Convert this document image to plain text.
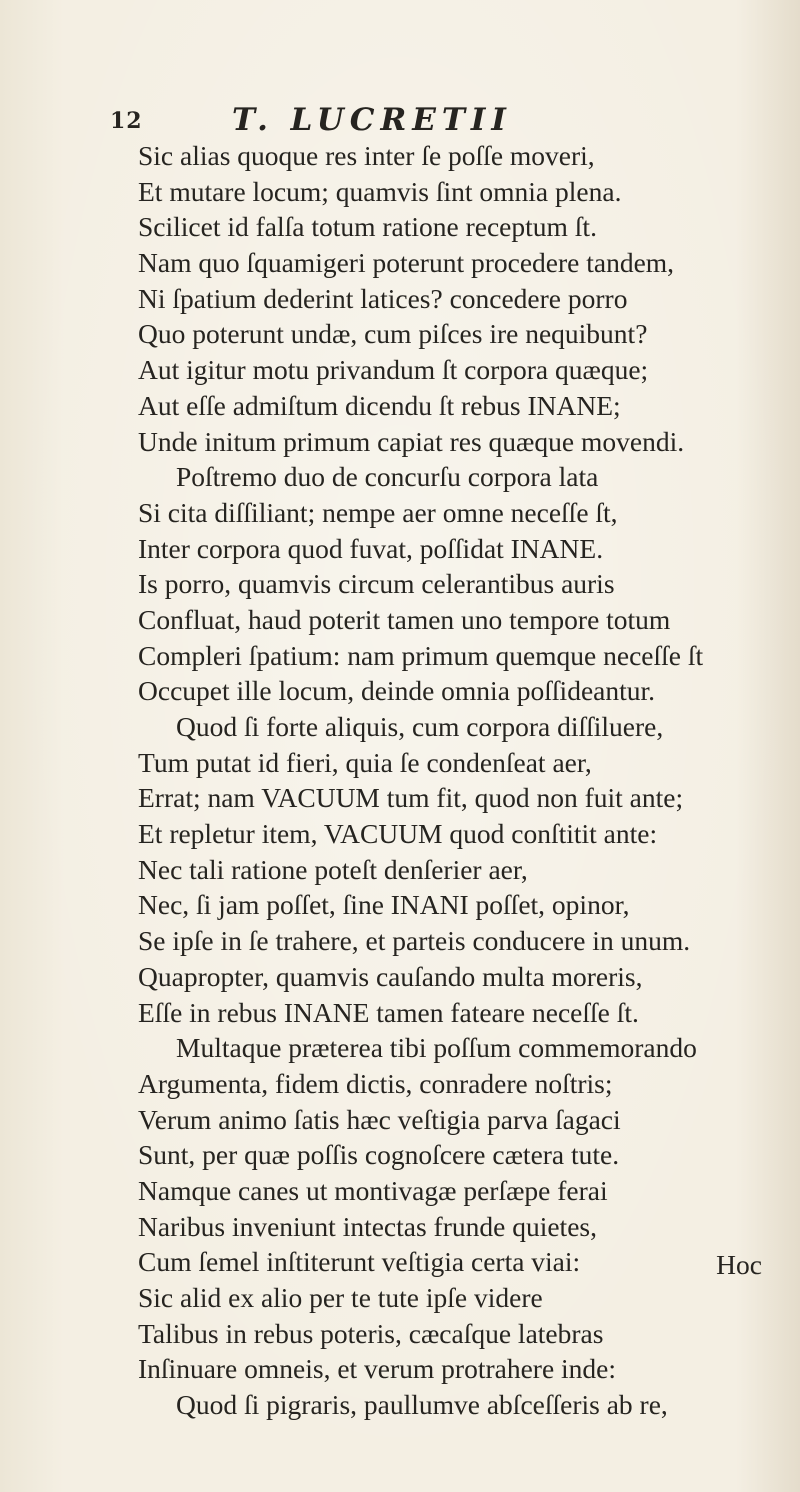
12	T. LUCRETII
Sic alias quoque res inter ſe poſſe moveri,
Et mutare locum; quamvis ſint omnia plena.
Scilicet id falſa totum ratione receptum ſt.
Nam quo ſquamigeri poterunt procedere tandem,
Ni ſpatium dederint latices? concedere porro
Quo poterunt undæ, cum piſces ire nequibunt?
Aut igitur motu privandum ſt corpora quæque;
Aut eſſe admiſtum dicendu ſt rebus INANE;
Unde initum primum capiat res quæque movendi.
Poſtremo duo de concurſu corpora lata
Si cita diſſiliant; nempe aer omne neceſſe ſt,
Inter corpora quod fuvat, poſſidat INANE.
Is porro, quamvis circum celerantibus auris
Confluat, haud poterit tamen uno tempore totum
Compleri ſpatium: nam primum quemque neceſſe ſt
Occupet ille locum, deinde omnia poſſideantur.
Quod ſi forte aliquis, cum corpora diſſiluere,
Tum putat id fieri, quia ſe condenſeat aer,
Errat; nam VACUUM tum fit, quod non fuit ante;
Et repletur item, VACUUM quod conſtitit ante:
Nec tali ratione poteſt denſerier aer,
Nec, ſi jam poſſet, ſine INANI poſſet, opinor,
Se ipſe in ſe trahere, et parteis conducere in unum.
Quapropter, quamvis cauſando multa moreris,
Eſſe in rebus INANE tamen fateare neceſſe ſt.
Multaque præterea tibi poſſum commemorando
Argumenta, fidem dictis, conradere noſtris;
Verum animo ſatis hæc veſtigia parva ſagaci
Sunt, per quæ poſſis cognoſcere cætera tute.
Namque canes ut montivagæ perſæpe ferai
Naribus inveniunt intectas frunde quietes,
Cum ſemel inſtiterunt veſtigia certa viai:
Sic alid ex alio per te tute ipſe videre
Talibus in rebus poteris, cæcaſque latebras
Inſinuare omneis, et verum protrahere inde:
Quod ſi pigraris, paullumve abſceſſeris ab re,
Hoc
